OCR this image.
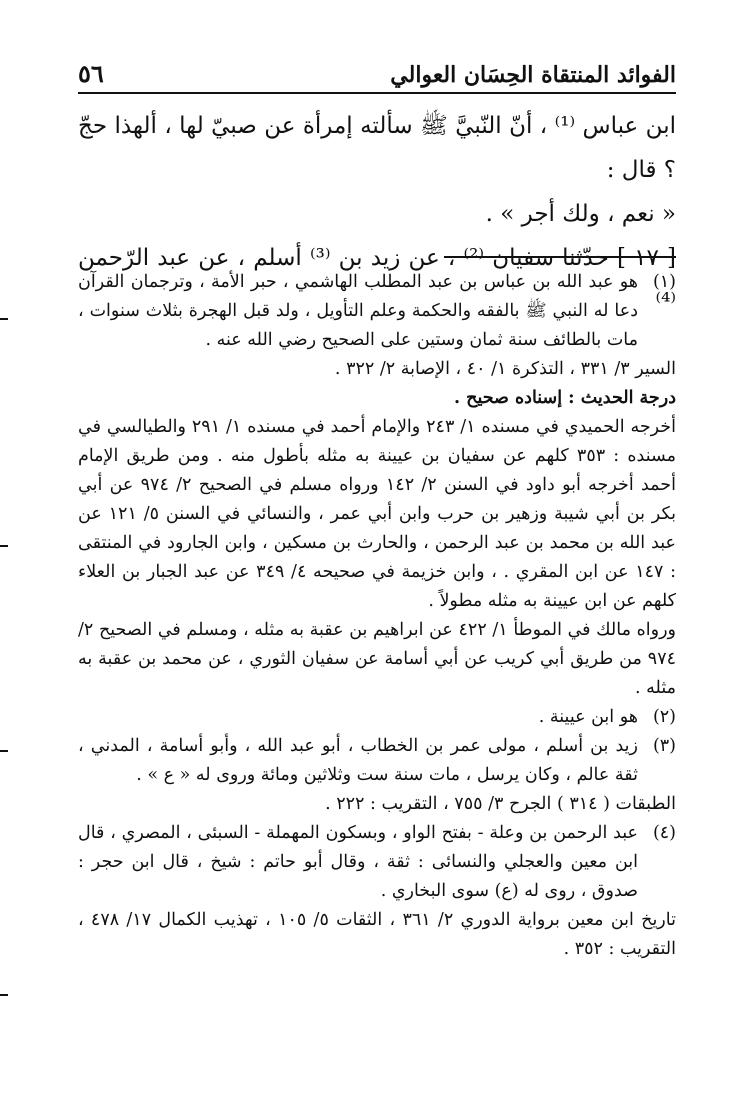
الفوائد المنتقاة الحِسَان العوالي
٥٦

ابن عباس ⁽¹⁾ ، أنّ النّبيَّ ﷺ سألته إمرأة عن صبيّ لها ، ألهذا حجّ ؟ قال :

« نعم ، ولك أجر » .

[ ١٧ ] حدّثنا سفيان ⁽²⁾ ، عن زيد بن ⁽³⁾ أسلم ، عن عبد الرّحمن ⁽⁴⁾

(١)
هو عبد الله بن عباس بن عبد المطلب الهاشمي ، حبر الأمة ، وترجمان القرآن دعا له النبي ﷺ بالفقه والحكمة وعلم التأويل ، ولد قبل الهجرة بثلاث سنوات ، مات بالطائف سنة ثمان وستين على الصحيح رضي الله عنه .

السير ٣/ ٣٣١ ، التذكرة ١/ ٤٠ ، الإصابة ٢/ ٣٢٢ .

درجة الحديث : إسناده صحيح .

أخرجه الحميدي في مسنده ١/ ٢٤٣ والإمام أحمد في مسنده ١/ ٢٩١ والطيالسي في مسنده : ٣٥٣ كلهم عن سفيان بن عيينة به مثله بأطول منه . ومن طريق الإمام أحمد أخرجه أبو داود في السنن ٢/ ١٤٢ ورواه مسلم في الصحيح ٢/ ٩٧٤ عن أبي بكر بن أبي شيبة وزهير بن حرب وابن أبي عمر ، والنسائي في السنن ٥/ ١٢١ عن عبد الله بن محمد بن عبد الرحمن ، والحارث بن مسكين ، وابن الجارود في المنتقى : ١٤٧ عن ابن المقري . ، وابن خزيمة في صحيحه ٤/ ٣٤٩ عن عبد الجبار بن العلاء كلهم عن ابن عيينة به مثله مطولاً .

ورواه مالك في الموطأ ١/ ٤٢٢ عن ابراهيم بن عقبة به مثله ، ومسلم في الصحيح ٢/ ٩٧٤ من طريق أبي كريب عن أبي أسامة عن سفيان الثوري ، عن محمد بن عقبة به مثله .

(٢)
هو ابن عيينة .
(٣)
زيد بن أسلم ، مولى عمر بن الخطاب ، أبو عبد الله ، وأبو أسامة ، المدني ، ثقة عالم ، وكان يرسل ، مات سنة ست وثلاثين ومائة وروى له « ع » .

الطبقات ( ٣١٤ ) الجرح ٣/ ٧٥٥ ، التقريب : ٢٢٢ .

(٤)
عبد الرحمن بن وعلة - بفتح الواو ، وبسكون المهملة - السبئى ، المصري ، قال ابن معين والعجلي والنسائى : ثقة ، وقال أبو حاتم : شيخ ، قال ابن حجر : صدوق ، روى له (ع) سوى البخاري .

تاريخ ابن معين برواية الدوري ٢/ ٣٦١ ، الثقات ٥/ ١٠٥ ، تهذيب الكمال ١٧/ ٤٧٨ ، التقريب : ٣٥٢ .
